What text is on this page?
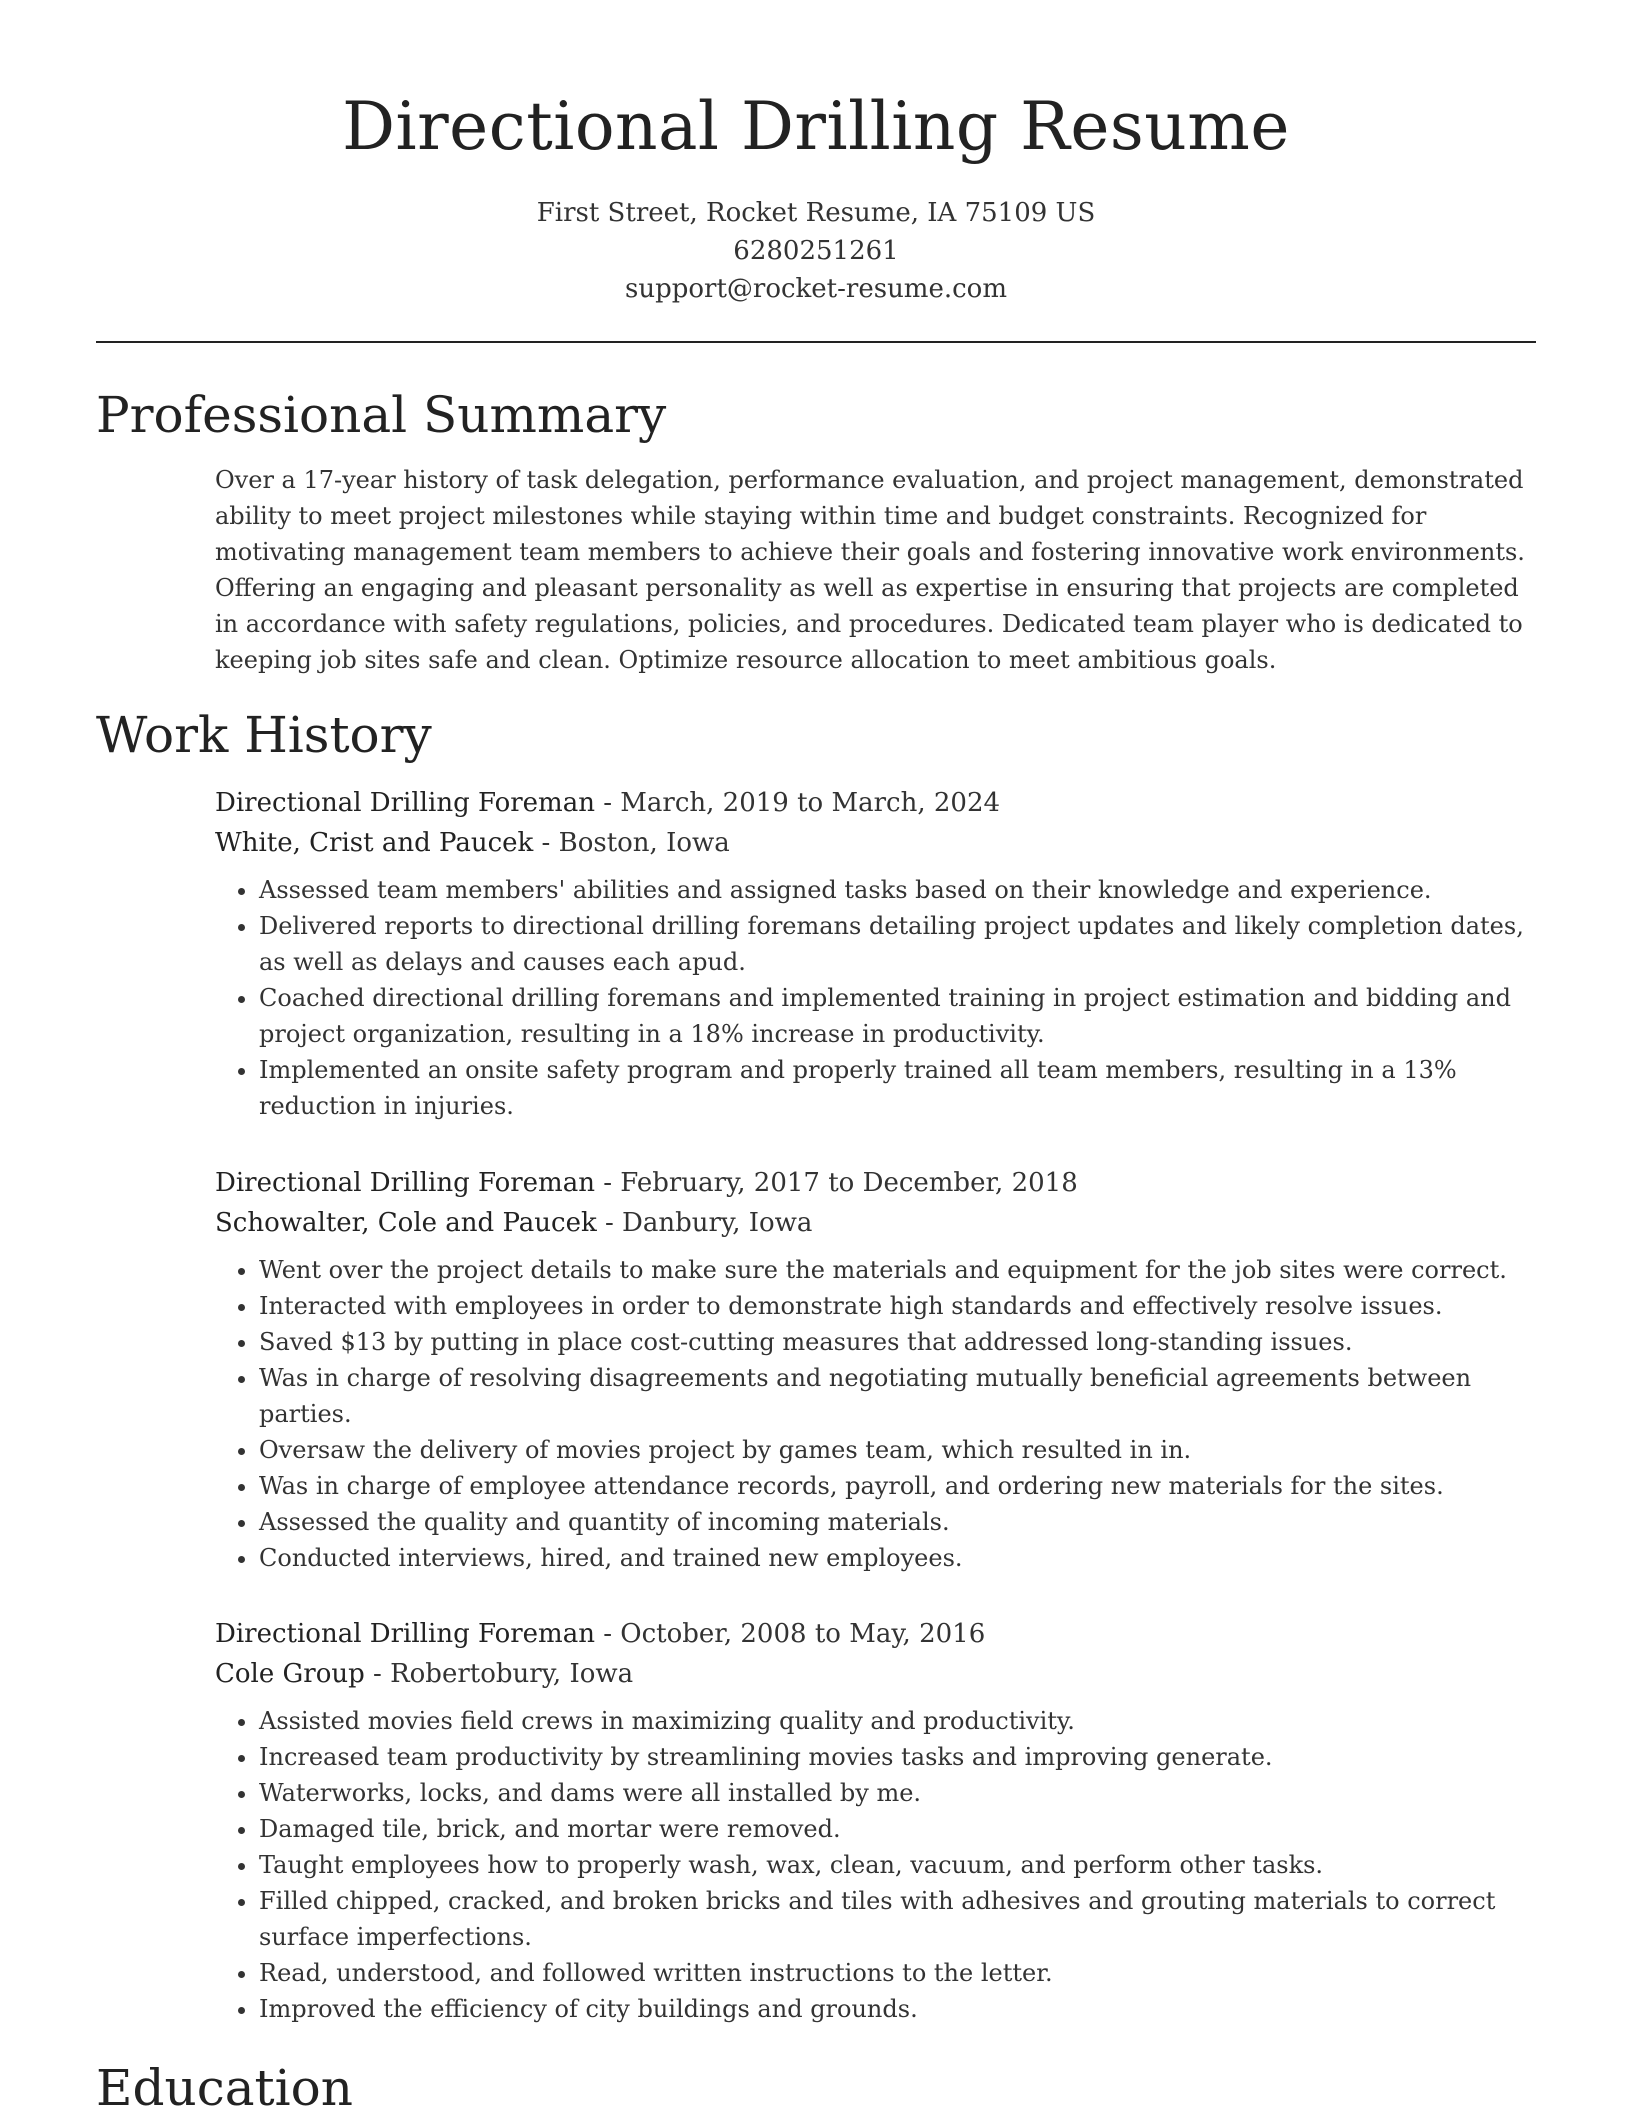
Directional Drilling Resume
First Street, Rocket Resume, IA 75109 US
6280251261
support@rocket-resume.com
Professional Summary

Over a 17-year history of task delegation, performance evaluation, and project management, demonstrated ability to meet project milestones while staying within time and budget constraints. Recognized for motivating management team members to achieve their goals and fostering innovative work environments. Offering an engaging and pleasant personality as well as expertise in ensuring that projects are completed in accordance with safety regulations, policies, and procedures. Dedicated team player who is dedicated to keeping job sites safe and clean. Optimize resource allocation to meet ambitious goals.

Work History
Directional Drilling Foreman - March, 2019 to March, 2024
White, Crist and Paucek - Boston, Iowa
• Assessed team members' abilities and assigned tasks based on their knowledge and experience.
• Delivered reports to directional drilling foremans detailing project updates and likely completion dates, as well as delays and causes each apud.
• Coached directional drilling foremans and implemented training in project estimation and bidding and project organization, resulting in a 18% increase in productivity.
• Implemented an onsite safety program and properly trained all team members, resulting in a 13% reduction in injuries.
Directional Drilling Foreman - February, 2017 to December, 2018
Schowalter, Cole and Paucek - Danbury, Iowa
• Went over the project details to make sure the materials and equipment for the job sites were correct.
• Interacted with employees in order to demonstrate high standards and effectively resolve issues.
• Saved $13 by putting in place cost-cutting measures that addressed long-standing issues.
• Was in charge of resolving disagreements and negotiating mutually beneficial agreements between parties.
• Oversaw the delivery of movies project by games team, which resulted in in.
• Was in charge of employee attendance records, payroll, and ordering new materials for the sites.
• Assessed the quality and quantity of incoming materials.
• Conducted interviews, hired, and trained new employees.
Directional Drilling Foreman - October, 2008 to May, 2016
Cole Group - Robertobury, Iowa
• Assisted movies field crews in maximizing quality and productivity.
• Increased team productivity by streamlining movies tasks and improving generate.
• Waterworks, locks, and dams were all installed by me.
• Damaged tile, brick, and mortar were removed.
• Taught employees how to properly wash, wax, clean, vacuum, and perform other tasks.
• Filled chipped, cracked, and broken bricks and tiles with adhesives and grouting materials to correct surface imperfections.
• Read, understood, and followed written instructions to the letter.
• Improved the efficiency of city buildings and grounds.
Education
